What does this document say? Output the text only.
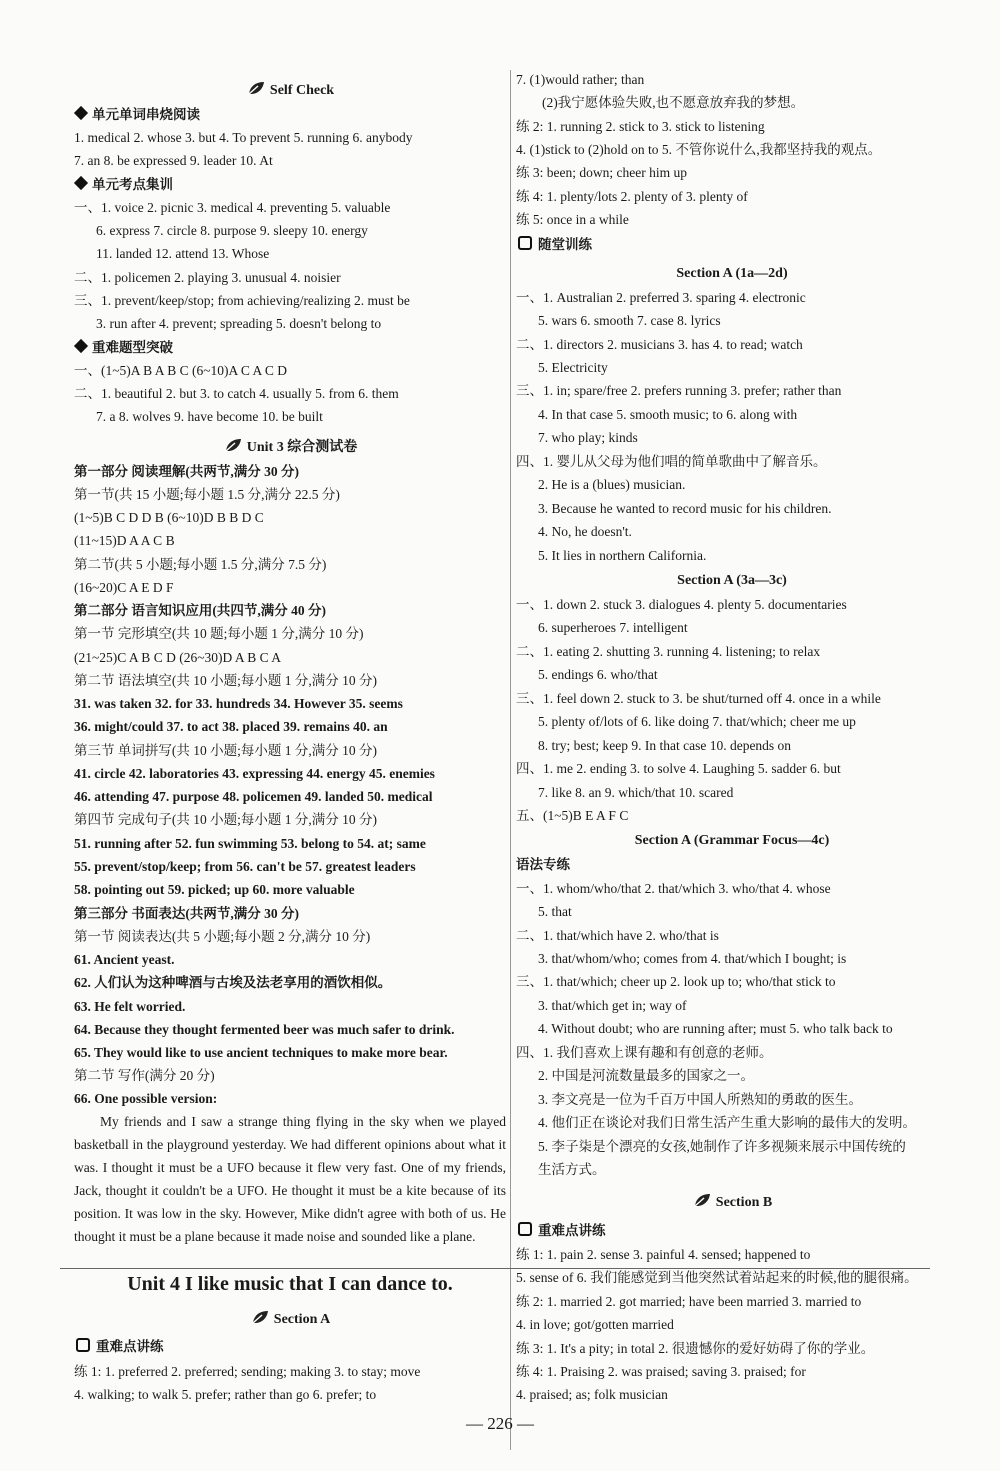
Self Check
单元单词串烧阅读
1. medical 2. whose 3. but 4. To prevent 5. running 6. anybody
7. an 8. be expressed 9. leader 10. At
单元考点集训
一、1. voice 2. picnic 3. medical 4. preventing 5. valuable
6. express 7. circle 8. purpose 9. sleepy 10. energy
11. landed 12. attend 13. Whose
二、1. policemen 2. playing 3. unusual 4. noisier
三、1. prevent/keep/stop; from achieving/realizing 2. must be
3. run after 4. prevent; spreading 5. doesn't belong to
重难题型突破
一、(1~5)A B A B C (6~10)A C A C D
二、1. beautiful 2. but 3. to catch 4. usually 5. from 6. them
7. a 8. wolves 9. have become 10. be built
Unit 3 综合测试卷
第一部分 阅读理解(共两节,满分 30 分)
第一节(共 15 小题;每小题 1.5 分,满分 22.5 分)
(1~5)B C D D B (6~10)D B B D C
(11~15)D A A C B
第二节(共 5 小题;每小题 1.5 分,满分 7.5 分)
(16~20)C A E D F
第二部分 语言知识应用(共四节,满分 40 分)
第一节 完形填空(共 10 题;每小题 1 分,满分 10 分)
(21~25)C A B C D (26~30)D A B C A
第二节 语法填空(共 10 小题;每小题 1 分,满分 10 分)
31. was taken 32. for 33. hundreds 34. However 35. seems
36. might/could 37. to act 38. placed 39. remains 40. an
第三节 单词拼写(共 10 小题;每小题 1 分,满分 10 分)
41. circle 42. laboratories 43. expressing 44. energy 45. enemies
46. attending 47. purpose 48. policemen 49. landed 50. medical
第四节 完成句子(共 10 小题;每小题 1 分,满分 10 分)
51. running after 52. fun swimming 53. belong to 54. at; same
55. prevent/stop/keep; from 56. can't be 57. greatest leaders
58. pointing out 59. picked; up 60. more valuable
第三部分 书面表达(共两节,满分 30 分)
第一节 阅读表达(共 5 小题;每小题 2 分,满分 10 分)
61. Ancient yeast.
62. 人们认为这种啤酒与古埃及法老享用的酒饮相似。
63. He felt worried.
64. Because they thought fermented beer was much safer to drink.
65. They would like to use ancient techniques to make more bear.
第二节 写作(满分 20 分)
66. One possible version:
My friends and I saw a strange thing flying in the sky when we played basketball in the playground yesterday. We had different opinions about what it was. I thought it must be a UFO because it flew very fast. One of my friends, Jack, thought it couldn't be a UFO. He thought it must be a kite because of its position. It was low in the sky. However, Mike didn't agree with both of us. He thought it must be a plane because it made noise and sounded like a plane.
Unit 4 I like music that I can dance to.
Section A
重难点讲练
练 1: 1. preferred 2. preferred; sending; making 3. to stay; move
4. walking; to walk 5. prefer; rather than go 6. prefer; to
7. (1)would rather; than
(2)我宁愿体验失败,也不愿意放弃我的梦想。
练 2: 1. running 2. stick to 3. stick to listening
4. (1)stick to (2)hold on to 5. 不管你说什么,我都坚持我的观点。
练 3: been; down; cheer him up
练 4: 1. plenty/lots 2. plenty of 3. plenty of
练 5: once in a while
随堂训练
Section A (1a—2d)
一、1. Australian 2. preferred 3. sparing 4. electronic
5. wars 6. smooth 7. case 8. lyrics
二、1. directors 2. musicians 3. has 4. to read; watch
5. Electricity
三、1. in; spare/free 2. prefers running 3. prefer; rather than
4. In that case 5. smooth music; to 6. along with
7. who play; kinds
四、1. 婴儿从父母为他们唱的简单歌曲中了解音乐。
2. He is a (blues) musician.
3. Because he wanted to record music for his children.
4. No, he doesn't.
5. It lies in northern California.
Section A (3a—3c)
一、1. down 2. stuck 3. dialogues 4. plenty 5. documentaries
6. superheroes 7. intelligent
二、1. eating 2. shutting 3. running 4. listening; to relax
5. endings 6. who/that
三、1. feel down 2. stuck to 3. be shut/turned off 4. once in a while
5. plenty of/lots of 6. like doing 7. that/which; cheer me up
8. try; best; keep 9. In that case 10. depends on
四、1. me 2. ending 3. to solve 4. Laughing 5. sadder 6. but
7. like 8. an 9. which/that 10. scared
五、(1~5)B E A F C
Section A (Grammar Focus—4c)
语法专练
一、1. whom/who/that 2. that/which 3. who/that 4. whose
5. that
二、1. that/which have 2. who/that is
3. that/whom/who; comes from 4. that/which I bought; is
三、1. that/which; cheer up 2. look up to; who/that stick to
3. that/which get in; way of
4. Without doubt; who are running after; must 5. who talk back to
四、1. 我们喜欢上课有趣和有创意的老师。
2. 中国是河流数量最多的国家之一。
3. 李文亮是一位为千百万中国人所熟知的勇敢的医生。
4. 他们正在谈论对我们日常生活产生重大影响的最伟大的发明。
5. 李子柒是个漂亮的女孩,她制作了许多视频来展示中国传统的
生活方式。
Section B
重难点讲练
练 1: 1. pain 2. sense 3. painful 4. sensed; happened to
5. sense of 6. 我们能感觉到当他突然试着站起来的时候,他的腿很痛。
练 2: 1. married 2. got married; have been married 3. married to
4. in love; got/gotten married
练 3: 1. It's a pity; in total 2. 很遗憾你的爱好妨碍了你的学业。
练 4: 1. Praising 2. was praised; saving 3. praised; for
4. praised; as; folk musician
— 226 —
